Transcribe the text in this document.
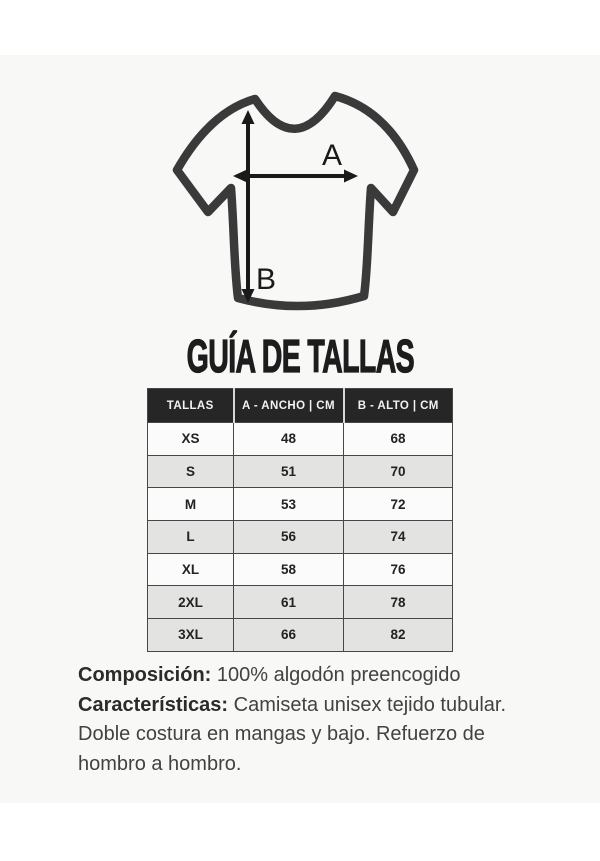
A
B
GUÍA DE TALLAS
TALLAS	A - ANCHO | CM	B - ALTO | CM
XS	48	68
S	51	70
M	53	72
L	56	74
XL	58	76
2XL	61	78
3XL	66	82
Composición: 100% algodón preencogido
Características: Camiseta unisex tejido tubular.
Doble costura en mangas y bajo. Refuerzo de
hombro a hombro.
